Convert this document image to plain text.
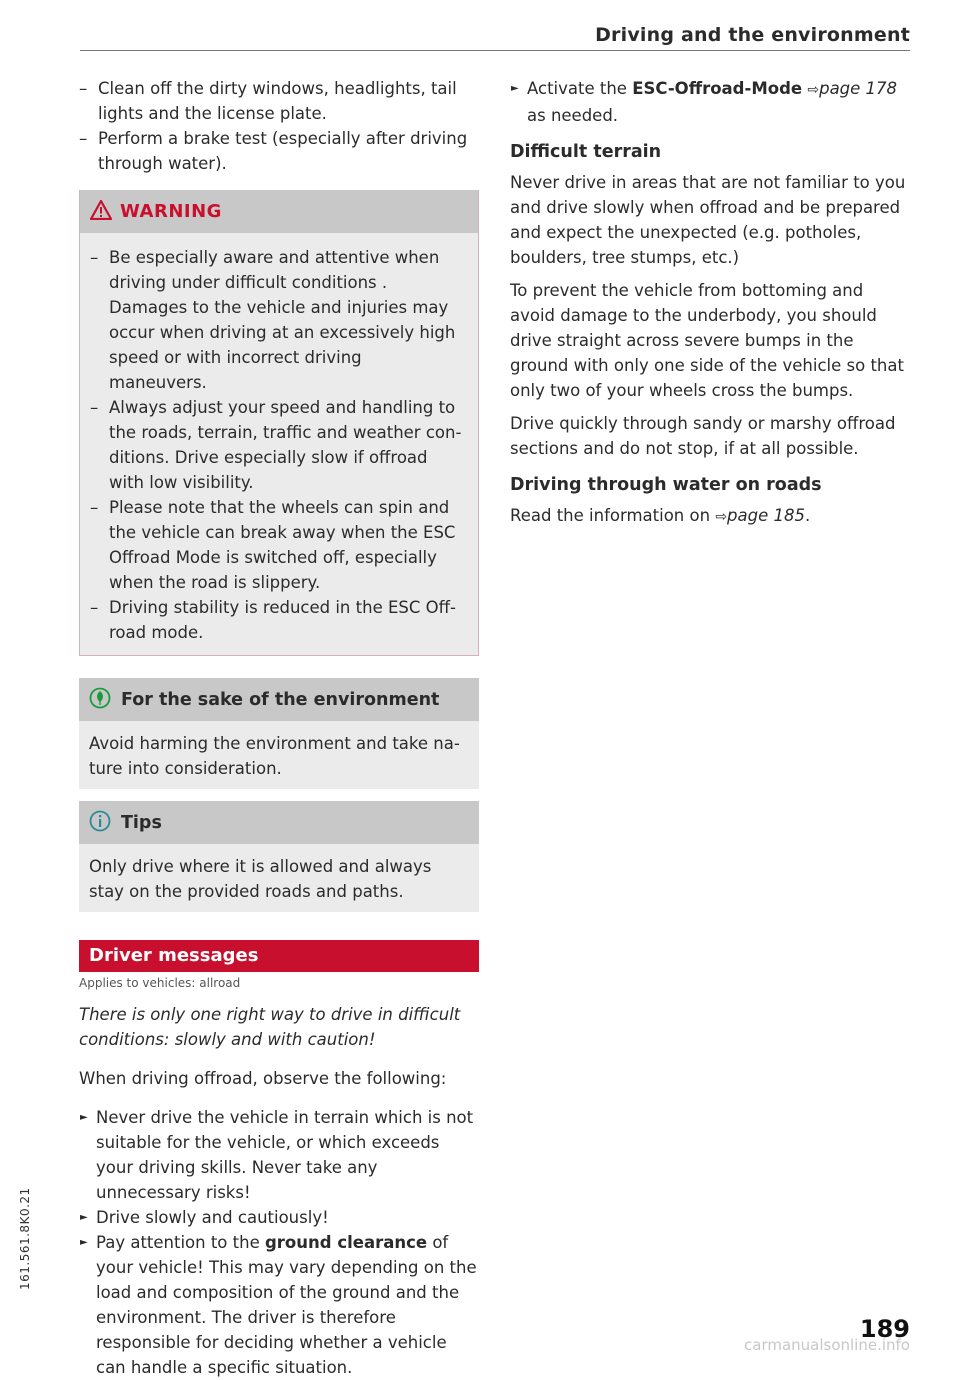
Driving and the environment
– Clean off the dirty windows, headlights, tail lights and the license plate.
– Perform a brake test (especially after driving through water).
WARNING
– Be especially aware and attentive when driving under difficult conditions . Damages to the vehicle and injuries may occur when driving at an excessively high speed or with incorrect driving maneuvers.
– Always adjust your speed and handling to the roads, terrain, traffic and weather conditions. Drive especially slow if offroad with low visibility.
– Please note that the wheels can spin and the vehicle can break away when the ESC Offroad Mode is switched off, especially when the road is slippery.
– Driving stability is reduced in the ESC Offroad mode.
For the sake of the environment

Avoid harming the environment and take nature into consideration.

Tips

Only drive where it is allowed and always stay on the provided roads and paths.

Driver messages
Applies to vehicles: allroad

There is only one right way to drive in difficult conditions: slowly and with caution!

When driving offroad, observe the following:

► Never drive the vehicle in terrain which is not suitable for the vehicle, or which exceeds your driving skills. Never take any unnecessary risks!
► Drive slowly and cautiously!
► Pay attention to the ground clearance of your vehicle! This may vary depending on the load and composition of the ground and the environment. The driver is therefore responsible for deciding whether a vehicle can handle a specific situation.
► Activate the ESC-Offroad-Mode ⇨page 178 as needed.
Difficult terrain

Never drive in areas that are not familiar to you and drive slowly when offroad and be prepared and expect the unexpected (e.g. potholes, boulders, tree stumps, etc.)

To prevent the vehicle from bottoming and avoid damage to the underbody, you should drive straight across severe bumps in the ground with only one side of the vehicle so that only two of your wheels cross the bumps.

Drive quickly through sandy or marshy offroad sections and do not stop, if at all possible.

Driving through water on roads

Read the information on ⇨page 185.

161.561.8K0.21
189
carmanualsonline.info
